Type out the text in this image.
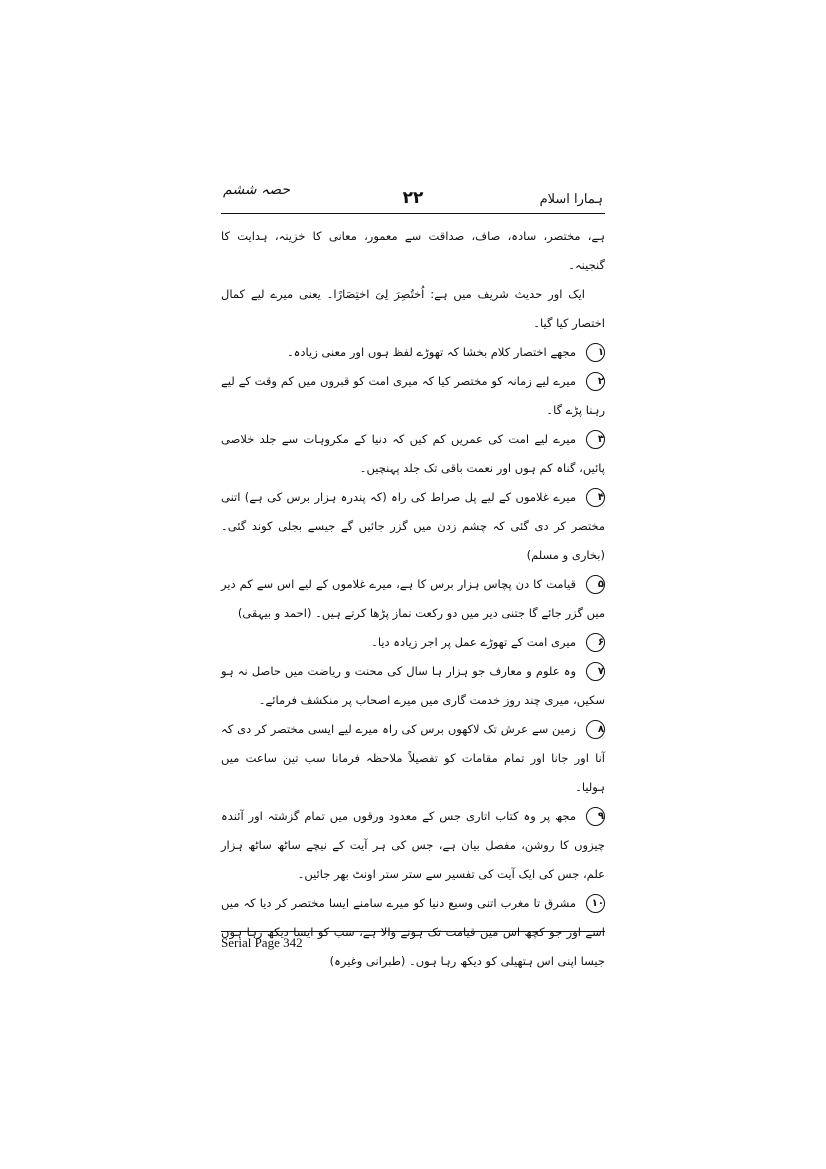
حصہ ششم	۲۲	ہمارا اسلام

ہے، مختصر، سادہ، صاف، صداقت سے معمور، معانی کا خزینہ، ہدایت کا گنجینہ۔

ایک اور حدیث شریف میں ہے: اُختُصِرَ لِیَ اختِصَارًا۔ یعنی میرے لیے کمال اختصار کیا گیا۔

۱مجھے اختصار کلام بخشا کہ تھوڑے لفظ ہوں اور معنی زیادہ۔

۲میرے لیے زمانہ کو مختصر کیا کہ میری امت کو قبروں میں کم وقت کے لیے رہنا پڑے گا۔

۳میرے لیے امت کی عمریں کم کیں کہ دنیا کے مکروہات سے جلد خلاصی پائیں، گناہ کم ہوں اور نعمت باقی تک جلد پہنچیں۔

۴میرے غلاموں کے لیے پل صراط کی راہ (کہ پندرہ ہزار برس کی ہے) اتنی مختصر کر دی گئی کہ چشم زدن میں گزر جائیں گے جیسے بجلی کوند گئی۔ (بخاری و مسلم)

۵قیامت کا دن پچاس ہزار برس کا ہے، میرے غلاموں کے لیے اس سے کم دیر میں گزر جائے گا جتنی دیر میں دو رکعت نماز پڑھا کرتے ہیں۔ (احمد و بیہقی)

۶میری امت کے تھوڑے عمل پر اجر زیادہ دیا۔

۷وہ علوم و معارف جو ہزار ہا سال کی محنت و ریاضت میں حاصل نہ ہو سکیں، میری چند روز خدمت گاری میں میرے اصحاب پر منکشف فرمائے۔

۸زمین سے عرش تک لاکھوں برس کی راہ میرے لیے ایسی مختصر کر دی کہ آنا اور جانا اور تمام مقامات کو تفصیلاً ملاحظہ فرمانا سب تین ساعت میں ہولیا۔

۹مجھ پر وہ کتاب اتاری جس کے معدود ورقوں میں تمام گزشتہ اور آئندہ چیزوں کا روشن، مفصل بیان ہے، جس کی ہر آیت کے نیچے ساٹھ ساٹھ ہزار علم، جس کی ایک آیت کی تفسیر سے ستر ستر اونٹ بھر جائیں۔

۱۰مشرق تا مغرب اتنی وسیع دنیا کو میرے سامنے ایسا مختصر کر دیا کہ میں اسے اور جو کچھ اس میں قیامت تک ہونے والا ہے، سب کو ایسا دیکھ رہا ہوں جیسا اپنی اس ہتھیلی کو دیکھ رہا ہوں۔ (طبرانی وغیرہ)

Serial Page 342
